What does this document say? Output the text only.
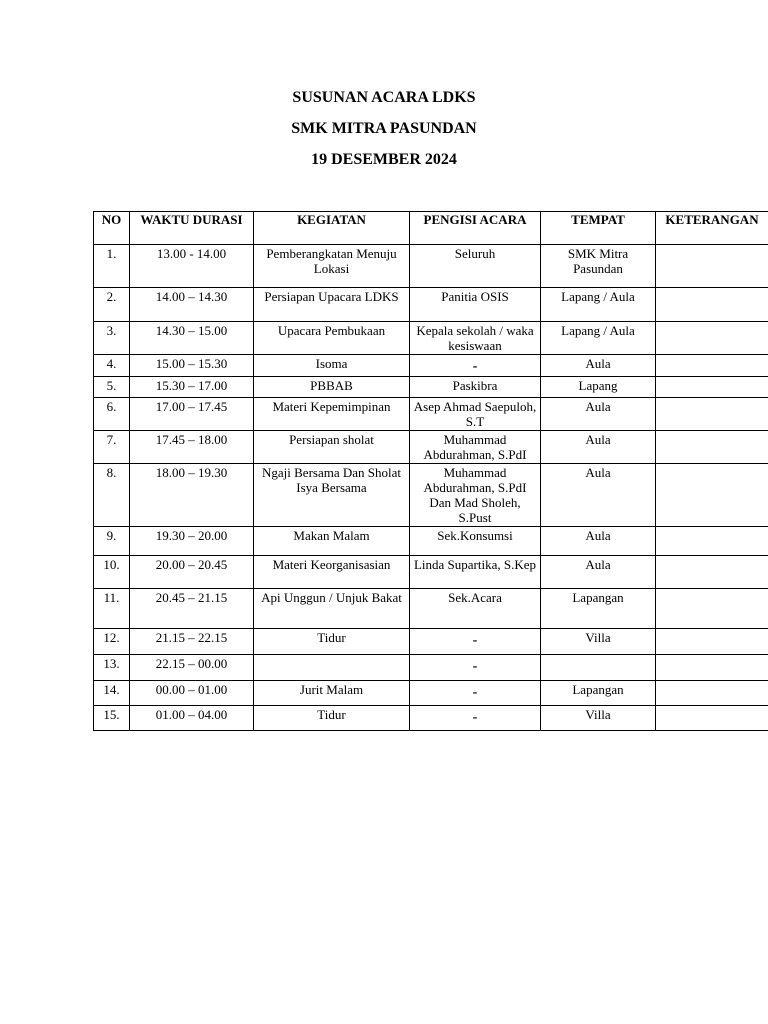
SUSUNAN ACARA LDKS
SMK MITRA PASUNDAN
19 DESEMBER 2024
NO	WAKTU DURASI	KEGIATAN	PENGISI ACARA	TEMPAT	KETERANGAN
1.	13.00 - 14.00	Pemberangkatan Menuju Lokasi	Seluruh	SMK Mitra Pasundan	
2.	14.00 – 14.30	Persiapan Upacara LDKS	Panitia OSIS	Lapang / Aula	
3.	14.30 – 15.00	Upacara Pembukaan	Kepala sekolah / waka kesiswaan	Lapang / Aula	
4.	15.00 – 15.30	Isoma	-	Aula	
5.	15.30 – 17.00	PBBAB	Paskibra	Lapang	
6.	17.00 – 17.45	Materi Kepemimpinan	Asep Ahmad Saepuloh, S.T	Aula	
7.	17.45 – 18.00	Persiapan sholat	Muhammad Abdurahman, S.PdI	Aula	
8.	18.00 – 19.30	Ngaji Bersama Dan Sholat Isya Bersama	Muhammad Abdurahman, S.PdI Dan Mad Sholeh, S.Pust	Aula	
9.	19.30 – 20.00	Makan Malam	Sek.Konsumsi	Aula	
10.	20.00 – 20.45	Materi Keorganisasian	Linda Supartika, S.Kep	Aula	
11.	20.45 – 21.15	Api Unggun / Unjuk Bakat	Sek.Acara	Lapangan	
12.	21.15 – 22.15	Tidur	-	Villa	
13.	22.15 – 00.00		-		
14.	00.00 – 01.00	Jurit Malam	-	Lapangan	
15.	01.00 – 04.00	Tidur	-	Villa	
